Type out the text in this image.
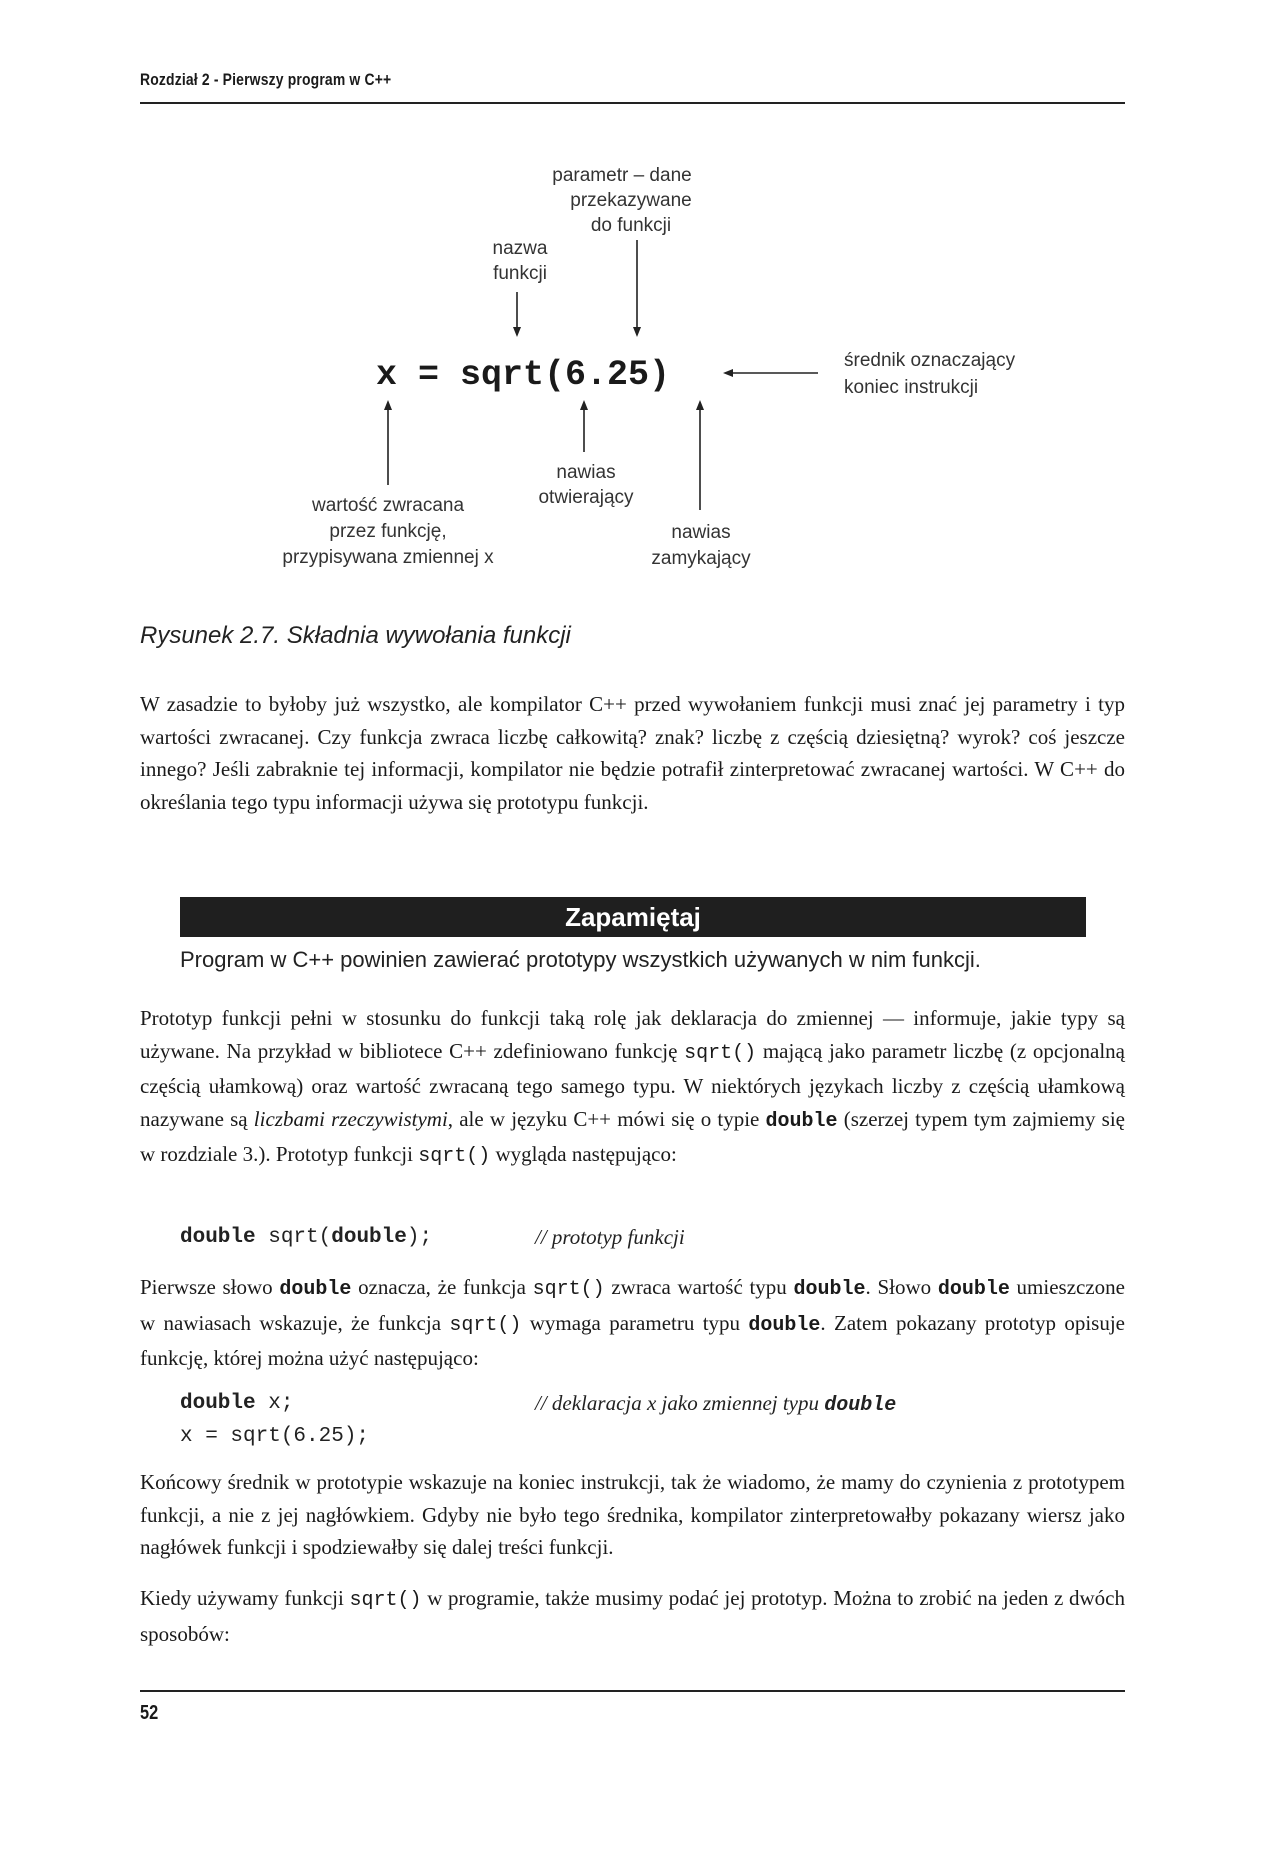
Rozdział 2 - Pierwszy program w C++
parametr – dane
przekazywane
do funkcji
nazwa
funkcji
x = sqrt(6.25)	średnik oznaczający
koniec instrukcji
nawias
otwierający
wartość zwracana
przez funkcję,
przypisywana zmiennej x
nawias
zamykający
Rysunek 2.7. Składnia wywołania funkcji

W zasadzie to byłoby już wszystko, ale kompilator C++ przed wywołaniem funkcji musi znać jej parametry i typ wartości zwracanej. Czy funkcja zwraca liczbę całkowitą? znak? liczbę z częścią dziesiętną? wyrok? coś jeszcze innego? Jeśli zabraknie tej informacji, kompilator nie będzie potrafił zinterpretować zwracanej wartości. W C++ do określania tego typu informacji używa się prototypu funkcji.

Zapamiętaj
Program w C++ powinien zawierać prototypy wszystkich używanych w nim funkcji.

Prototyp funkcji pełni w stosunku do funkcji taką rolę jak deklaracja do zmiennej — informuje, jakie typy są używane. Na przykład w bibliotece C++ zdefiniowano funkcję sqrt() mającą jako parametr liczbę (z opcjonalną częścią ułamkową) oraz wartość zwracaną tego samego typu. W niektórych językach liczby z częścią ułamkową nazywane są liczbami rzeczywistymi, ale w języku C++ mówi się o typie double (szerzej typem tym zajmiemy się w rozdziale 3.). Prototyp funkcji sqrt() wygląda następująco:

double sqrt(double);	// prototyp funkcji

Pierwsze słowo double oznacza, że funkcja sqrt() zwraca wartość typu double. Słowo double umieszczone w nawiasach wskazuje, że funkcja sqrt() wymaga parametru typu double. Zatem pokazany prototyp opisuje funkcję, której można użyć następująco:

double x;	// deklaracja x jako zmiennej typu double
x = sqrt(6.25);

Końcowy średnik w prototypie wskazuje na koniec instrukcji, tak że wiadomo, że mamy do czynienia z prototypem funkcji, a nie z jej nagłówkiem. Gdyby nie było tego średnika, kompilator zinterpretowałby pokazany wiersz jako nagłówek funkcji i spodziewałby się dalej treści funkcji.

Kiedy używamy funkcji sqrt() w programie, także musimy podać jej prototyp. Można to zrobić na jeden z dwóch sposobów:

52
